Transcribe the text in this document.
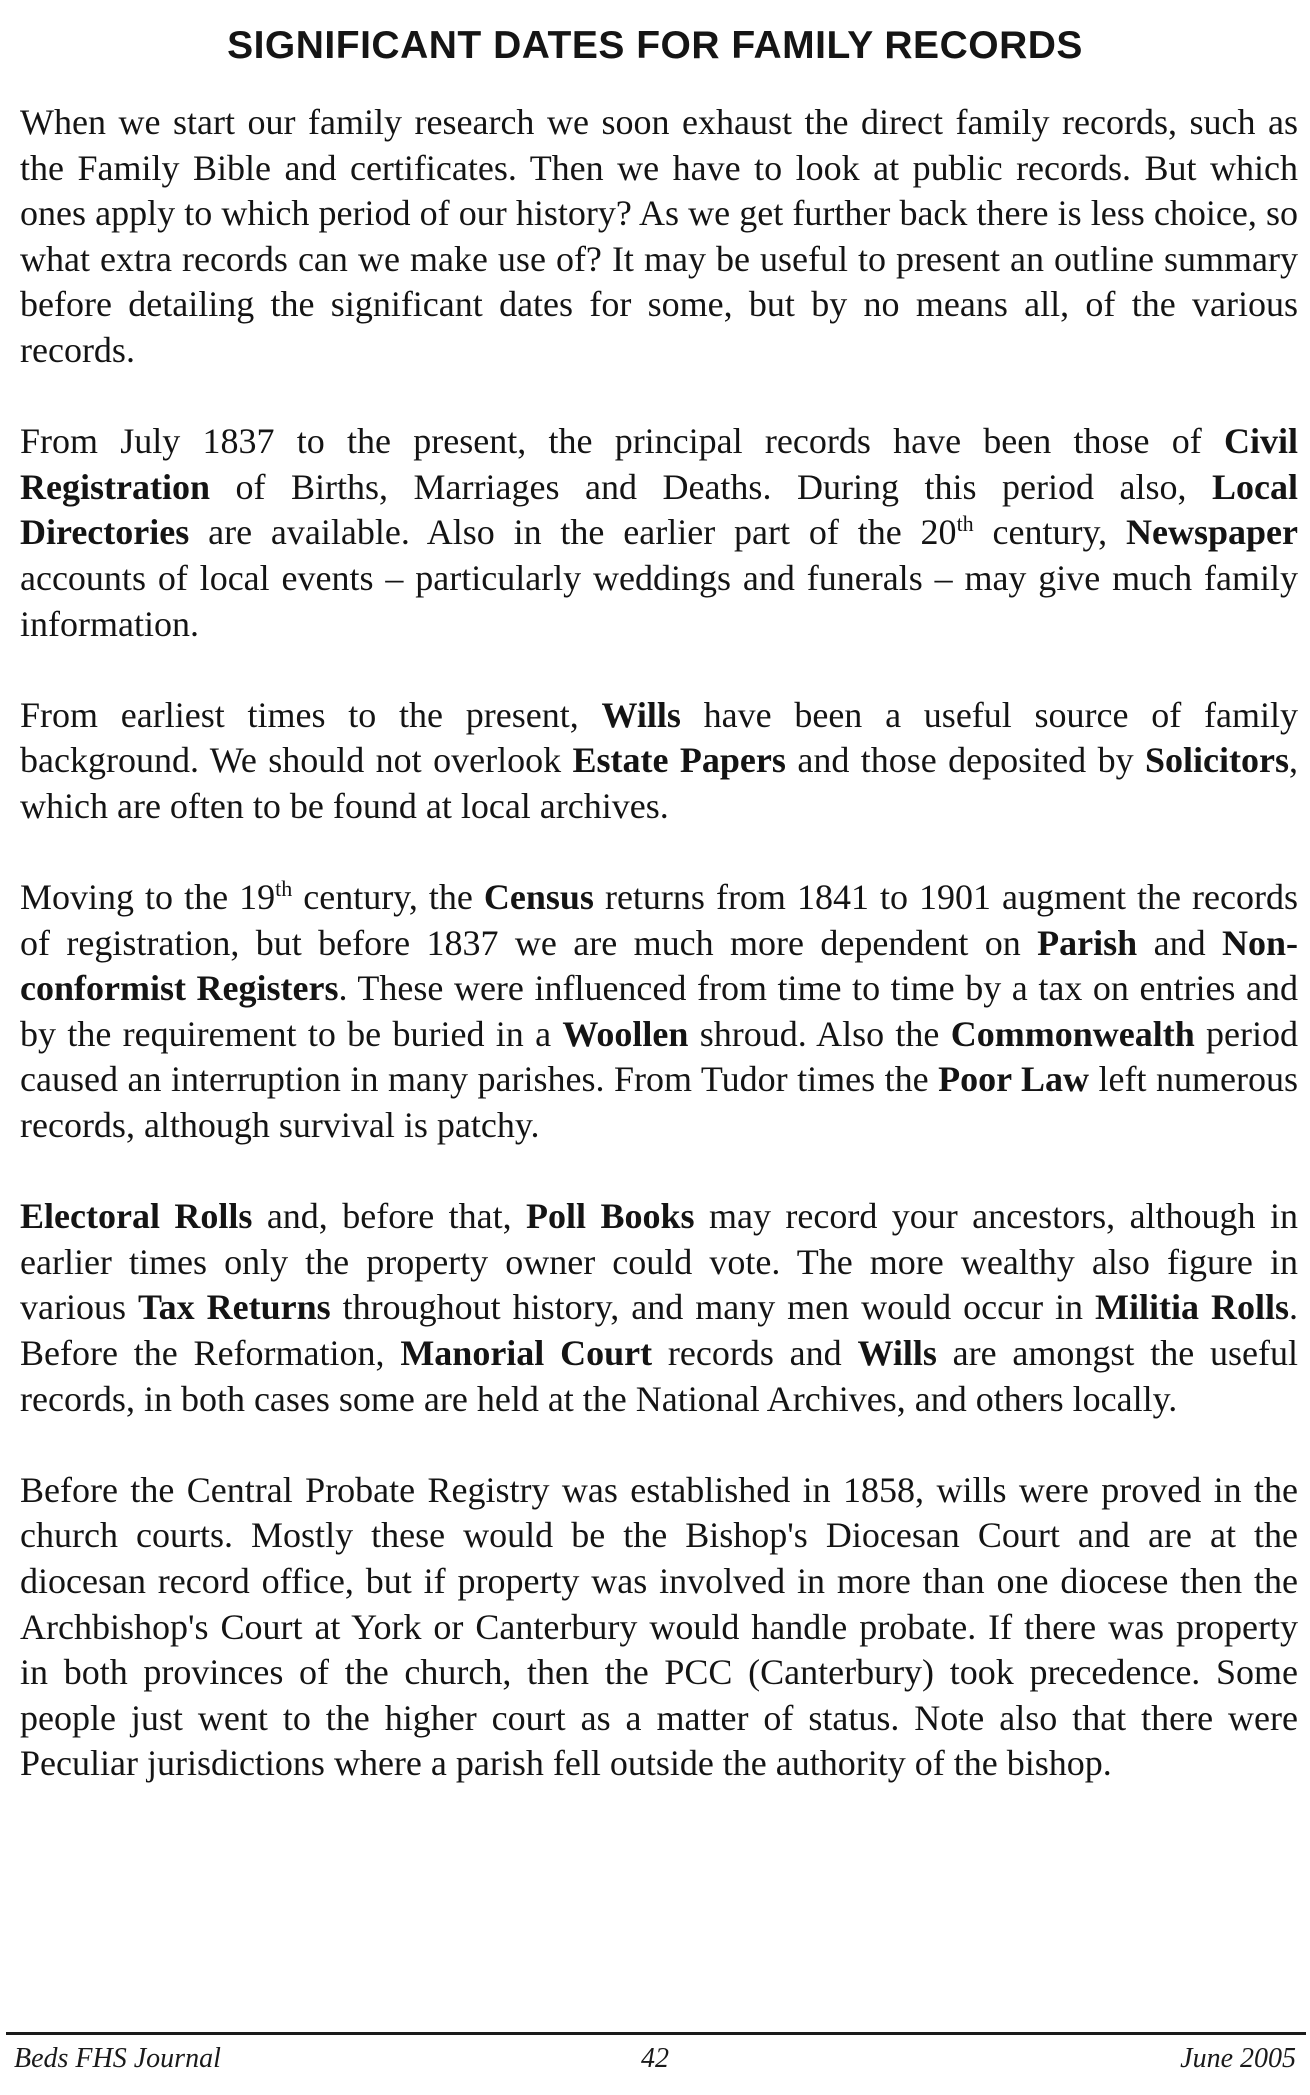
SIGNIFICANT DATES FOR FAMILY RECORDS

When we start our family research we soon exhaust the direct family records, such as the Family Bible and certificates. Then we have to look at public records. But which ones apply to which period of our history? As we get further back there is less choice, so what extra records can we make use of? It may be useful to present an outline summary before detailing the significant dates for some, but by no means all, of the various records.

From July 1837 to the present, the principal records have been those of Civil Registration of Births, Marriages and Deaths. During this period also, Local Directories are available. Also in the earlier part of the 20th century, Newspaper accounts of local events – particularly weddings and funerals – may give much family information.

From earliest times to the present, Wills have been a useful source of family background. We should not overlook Estate Papers and those deposited by Solicitors, which are often to be found at local archives.

Moving to the 19th century, the Census returns from 1841 to 1901 augment the records of registration, but before 1837 we are much more dependent on Parish and Non-conformist Registers. These were influenced from time to time by a tax on entries and by the requirement to be buried in a Woollen shroud. Also the Commonwealth period caused an interruption in many parishes. From Tudor times the Poor Law left numerous records, although survival is patchy.

Electoral Rolls and, before that, Poll Books may record your ancestors, although in earlier times only the property owner could vote. The more wealthy also figure in various Tax Returns throughout history, and many men would occur in Militia Rolls. Before the Reformation, Manorial Court records and Wills are amongst the useful records, in both cases some are held at the National Archives, and others locally.

Before the Central Probate Registry was established in 1858, wills were proved in the church courts. Mostly these would be the Bishop's Diocesan Court and are at the diocesan record office, but if property was involved in more than one diocese then the Archbishop's Court at York or Canterbury would handle probate. If there was property in both provinces of the church, then the PCC (Canterbury) took precedence. Some people just went to the higher court as a matter of status. Note also that there were Peculiar jurisdictions where a parish fell outside the authority of the bishop.

Beds FHS Journal	42	June 2005
